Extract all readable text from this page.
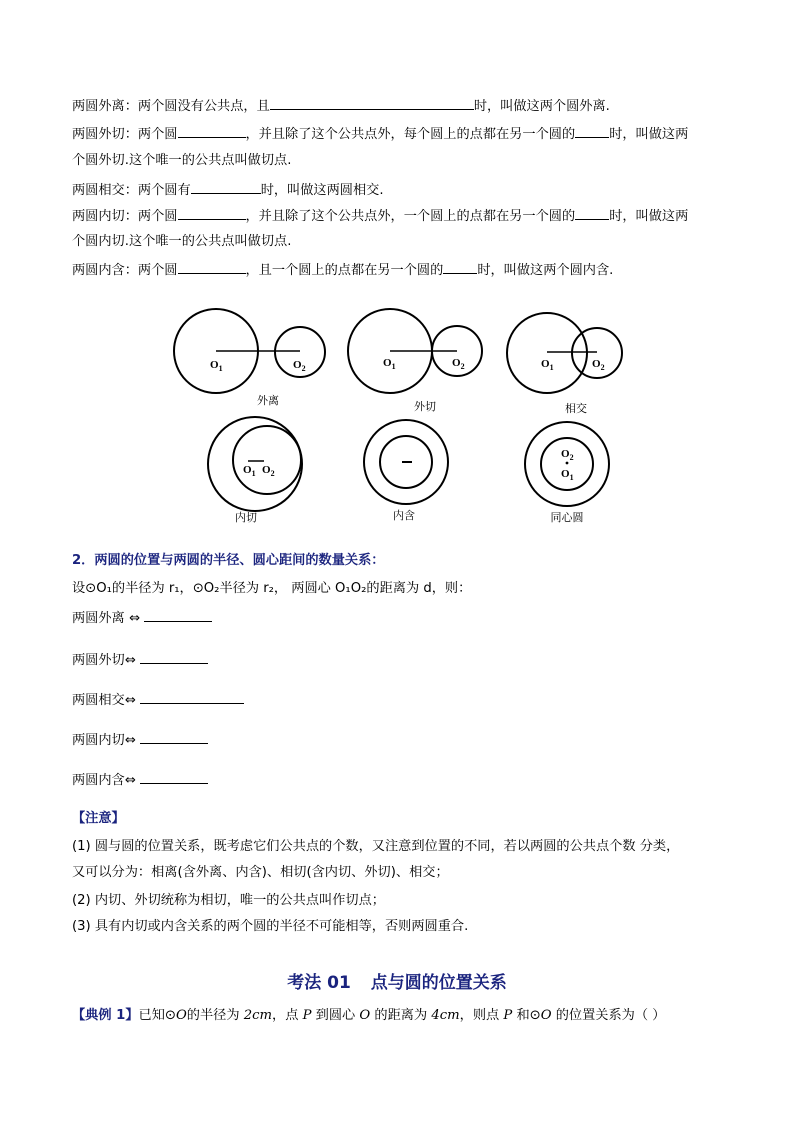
两圆外离：两个圆没有公共点，且	时，叫做这两个圆外离.
两圆外切：两个圆	，并且除了这个公共点外，每个圆上的点都在另一个圆的	时，叫做这两
个圆外切.这个唯一的公共点叫做切点.
两圆相交：两个圆有	时，叫做这两圆相交.
两圆内切：两个圆	，并且除了这个公共点外，一个圆上的点都在另一个圆的	时，叫做这两
个圆内切.这个唯一的公共点叫做切点.
两圆内含：两个圆	，且一个圆上的点都在另一个圆的	时，叫做这两个圆内含.
$O_1$	$O_2$	$O_1$	$O_2$	$O_1$	$O_2$
$O_1$ $O_2$
$O_2$
$O_1$
外离	外切	相交
内切	内含	同心圆
2．两圆的位置与两圆的半径、圆心距间的数量关系：
设⊙O₁的半径为 r₁，⊙O₂半径为 r₂， 两圆心 O₁O₂的距离为 d，则：
两圆外离 ⇔
两圆外切⇔
两圆相交⇔
两圆内切⇔
两圆内含⇔
【注意】
(1) 圆与圆的位置关系，既考虑它们公共点的个数，又注意到位置的不同，若以两圆的公共点个数 分类，
又可以分为：相离(含外离、内含)、相切(含内切、外切)、相交；
(2) 内切、外切统称为相切，唯一的公共点叫作切点；
(3) 具有内切或内含关系的两个圆的半径不可能相等，否则两圆重合.
考法 01 点与圆的位置关系
【典例 1】已知⊙O的半径为 2cm，点 P 到圆心 O 的距离为 4cm，则点 P 和⊙O 的位置关系为（ ）
